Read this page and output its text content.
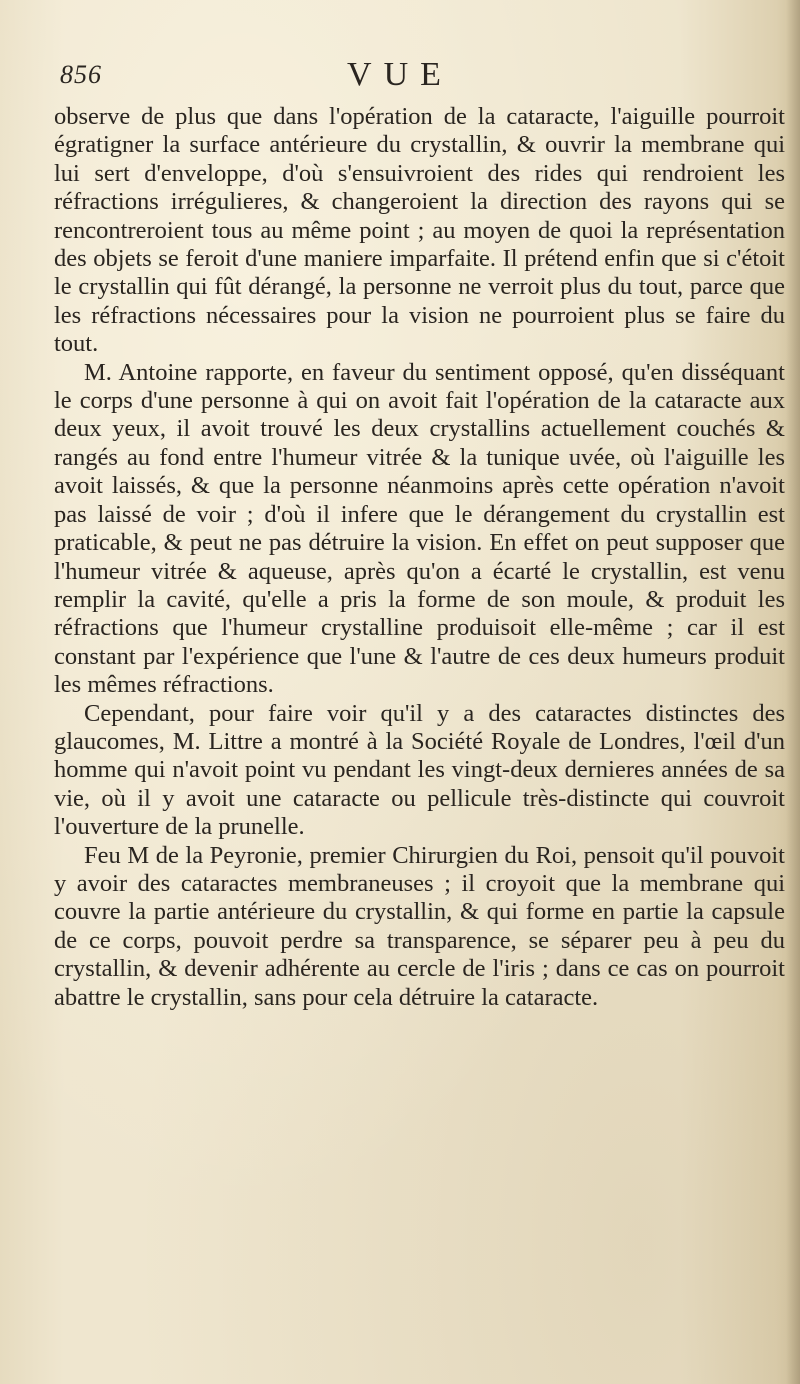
856	VUE

observe de plus que dans l'opération de la cataracte, l'aiguille pourroit égratigner la surface antérieure du crystallin, & ouvrir la membrane qui lui sert d'enveloppe, d'où s'ensuivroient des rides qui rendroient les réfractions irrégulieres, & changeroient la direction des rayons qui se rencontreroient tous au même point ; au moyen de quoi la représentation des objets se feroit d'une maniere imparfaite. Il prétend enfin que si c'étoit le crystallin qui fût dérangé, la personne ne verroit plus du tout, parce que les réfractions nécessaires pour la vision ne pourroient plus se faire du tout.

M. Antoine rapporte, en faveur du sentiment opposé, qu'en disséquant le corps d'une personne à qui on avoit fait l'opération de la cataracte aux deux yeux, il avoit trouvé les deux crystallins actuellement couchés & rangés au fond entre l'humeur vitrée & la tunique uvée, où l'aiguille les avoit laissés, & que la personne néanmoins après cette opération n'avoit pas laissé de voir ; d'où il infere que le dérangement du crystallin est praticable, & peut ne pas détruire la vision. En effet on peut supposer que l'humeur vitrée & aqueuse, après qu'on a écarté le crystallin, est venu remplir la cavité, qu'elle a pris la forme de son moule, & produit les réfractions que l'humeur crystalline produisoit elle-même ; car il est constant par l'expérience que l'une & l'autre de ces deux humeurs produit les mêmes réfractions.

Cependant, pour faire voir qu'il y a des cataractes distinctes des glaucomes, M. Littre a montré à la Société Royale de Londres, l'œil d'un homme qui n'avoit point vu pendant les vingt-deux dernieres années de sa vie, où il y avoit une cataracte ou pellicule très-distincte qui couvroit l'ouverture de la prunelle.

Feu M de la Peyronie, premier Chirurgien du Roi, pensoit qu'il pouvoit y avoir des cataractes membraneuses ; il croyoit que la membrane qui couvre la partie antérieure du crystallin, & qui forme en partie la capsule de ce corps, pouvoit perdre sa transparence, se séparer peu à peu du crystallin, & devenir adhérente au cercle de l'iris ; dans ce cas on pourroit abattre le crystallin, sans pour cela détruire la cataracte.
